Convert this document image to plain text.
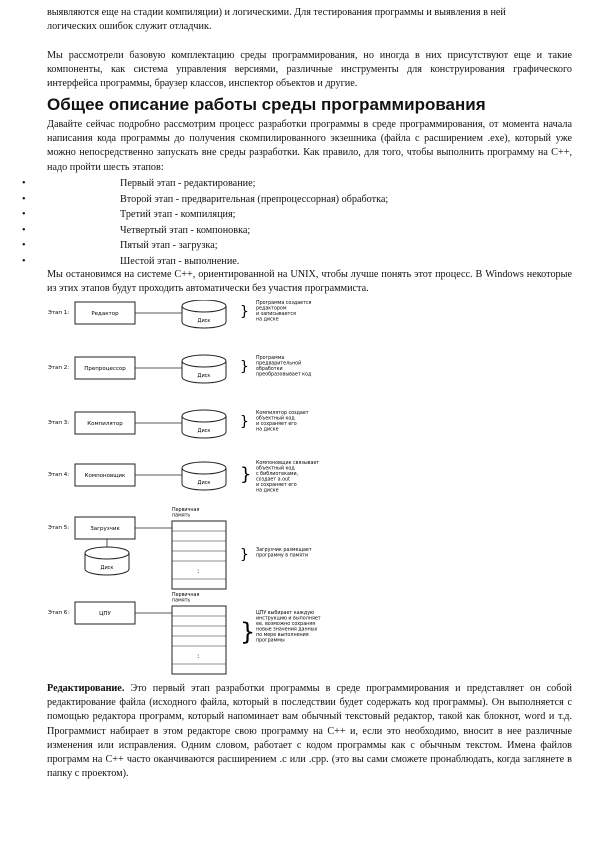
выявляются еще на стадии компиляции) и логическими. Для тестирования программы и выявления в ней
логических ошибок служит отладчик.

Мы рассмотрели базовую комплектацию среды программирования, но иногда в них присутствуют еще и такие компоненты, как система управления версиями, различные инструменты для конструирования графического интерфейса программы, браузер классов, инспектор объектов и другие.

Общее описание работы среды программирования

Давайте сейчас подробно рассмотрим процесс разработки программы в среде программирования, от момента начала написания кода программы до получения скомпилированного экзешника (файла с расширением .exe), который уже можно непосредственно запускать вне среды разработки. Как правило, для того, чтобы выполнить программу на С++, надо пройти шесть этапов:

•	Первый этап - редактирование;
•	Второй этап - предварительная (препроцессорная) обработка;
•	Третий этап - компиляция;
•	Четвертый этап - компоновка;
•	Пятый этап - загрузка;
•	Шестой этап - выполнение.

Мы остановимся на системе С++, ориентированной на UNIX, чтобы лучше понять этот процесс. В Windows некоторые из этих этапов будут проходить автоматически без участия программиста.

Этап 1:	Редактор
Диск
}
Программа создается редактором и записывается на диске
Этап 2:	Препроцессор
Диск
}
Программа предварительной обработки преобразовывает код
Этап 3:	Компилятор
Диск
}
Компилятор создает объектный код и сохраняет его на диске
Этап 4:	Компоновщик
Диск }
Компоновщик связывает объектный код с библиотеками, создает a.out и сохраняет его на диске
Этап 5:	Загрузчик
Первичная память
:
Диск
} Загрузчик размещает программу в памяти
Этап 6:	ЦПУ
Первичная память
:
}
ЦПУ выбирает каждую инструкцию и выполняет ее, возможно сохраняя новые значения данных по мере выполнения программы

Редактирование. Это первый этап разработки программы в среде программирования и представляет он собой редактирование файла (исходного файла, который в последствии будет содержать код программы). Он выполняется с помощью редактора программ, который напоминает вам обычный текстовый редактор, такой как блокнот, word и т.д. Программист набирает в этом редакторе свою программу на С++ и, если это необходимо, вносит в нее различные изменения или исправления. Одним словом, работает с кодом программы как с обычным текстом. Имена файлов программ на С++ часто оканчиваются расширением .c или .cpp. (это вы сами сможете пронаблюдать, когда заглянете в папку с проектом).
